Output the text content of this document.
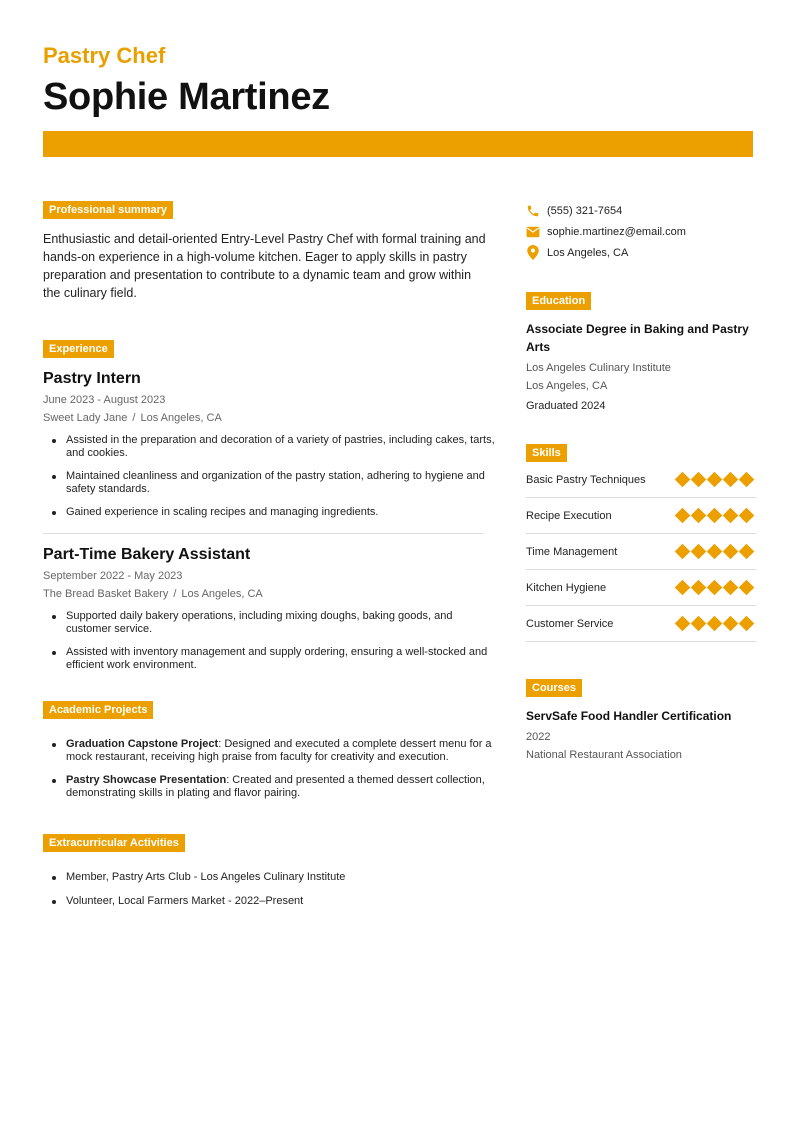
Pastry Chef
Sophie Martinez
Professional summary

Enthusiastic and detail-oriented Entry-Level Pastry Chef with formal training and hands-on experience in a high-volume kitchen. Eager to apply skills in pastry preparation and presentation to contribute to a dynamic team and grow within the culinary field.

Experience
Pastry Intern
June 2023 - August 2023
Sweet Lady Jane / Los Angeles, CA
Assisted in the preparation and decoration of a variety of pastries, including cakes, tarts, and cookies.
Maintained cleanliness and organization of the pastry station, adhering to hygiene and safety standards.
Gained experience in scaling recipes and managing ingredients.
Part-Time Bakery Assistant
September 2022 - May 2023
The Bread Basket Bakery / Los Angeles, CA
Supported daily bakery operations, including mixing doughs, baking goods, and customer service.
Assisted with inventory management and supply ordering, ensuring a well-stocked and efficient work environment.
Academic Projects
Graduation Capstone Project: Designed and executed a complete dessert menu for a mock restaurant, receiving high praise from faculty for creativity and execution.
Pastry Showcase Presentation: Created and presented a themed dessert collection, demonstrating skills in plating and flavor pairing.
Extracurricular Activities
Member, Pastry Arts Club - Los Angeles Culinary Institute
Volunteer, Local Farmers Market - 2022–Present
(555) 321-7654
sophie.martinez@email.com
Los Angeles, CA
Education
Associate Degree in Baking and Pastry Arts
Los Angeles Culinary Institute
Los Angeles, CA
Graduated 2024
Skills
Basic Pastry Techniques
Recipe Execution
Time Management
Kitchen Hygiene
Customer Service
Courses
ServSafe Food Handler Certification
2022
National Restaurant Association
